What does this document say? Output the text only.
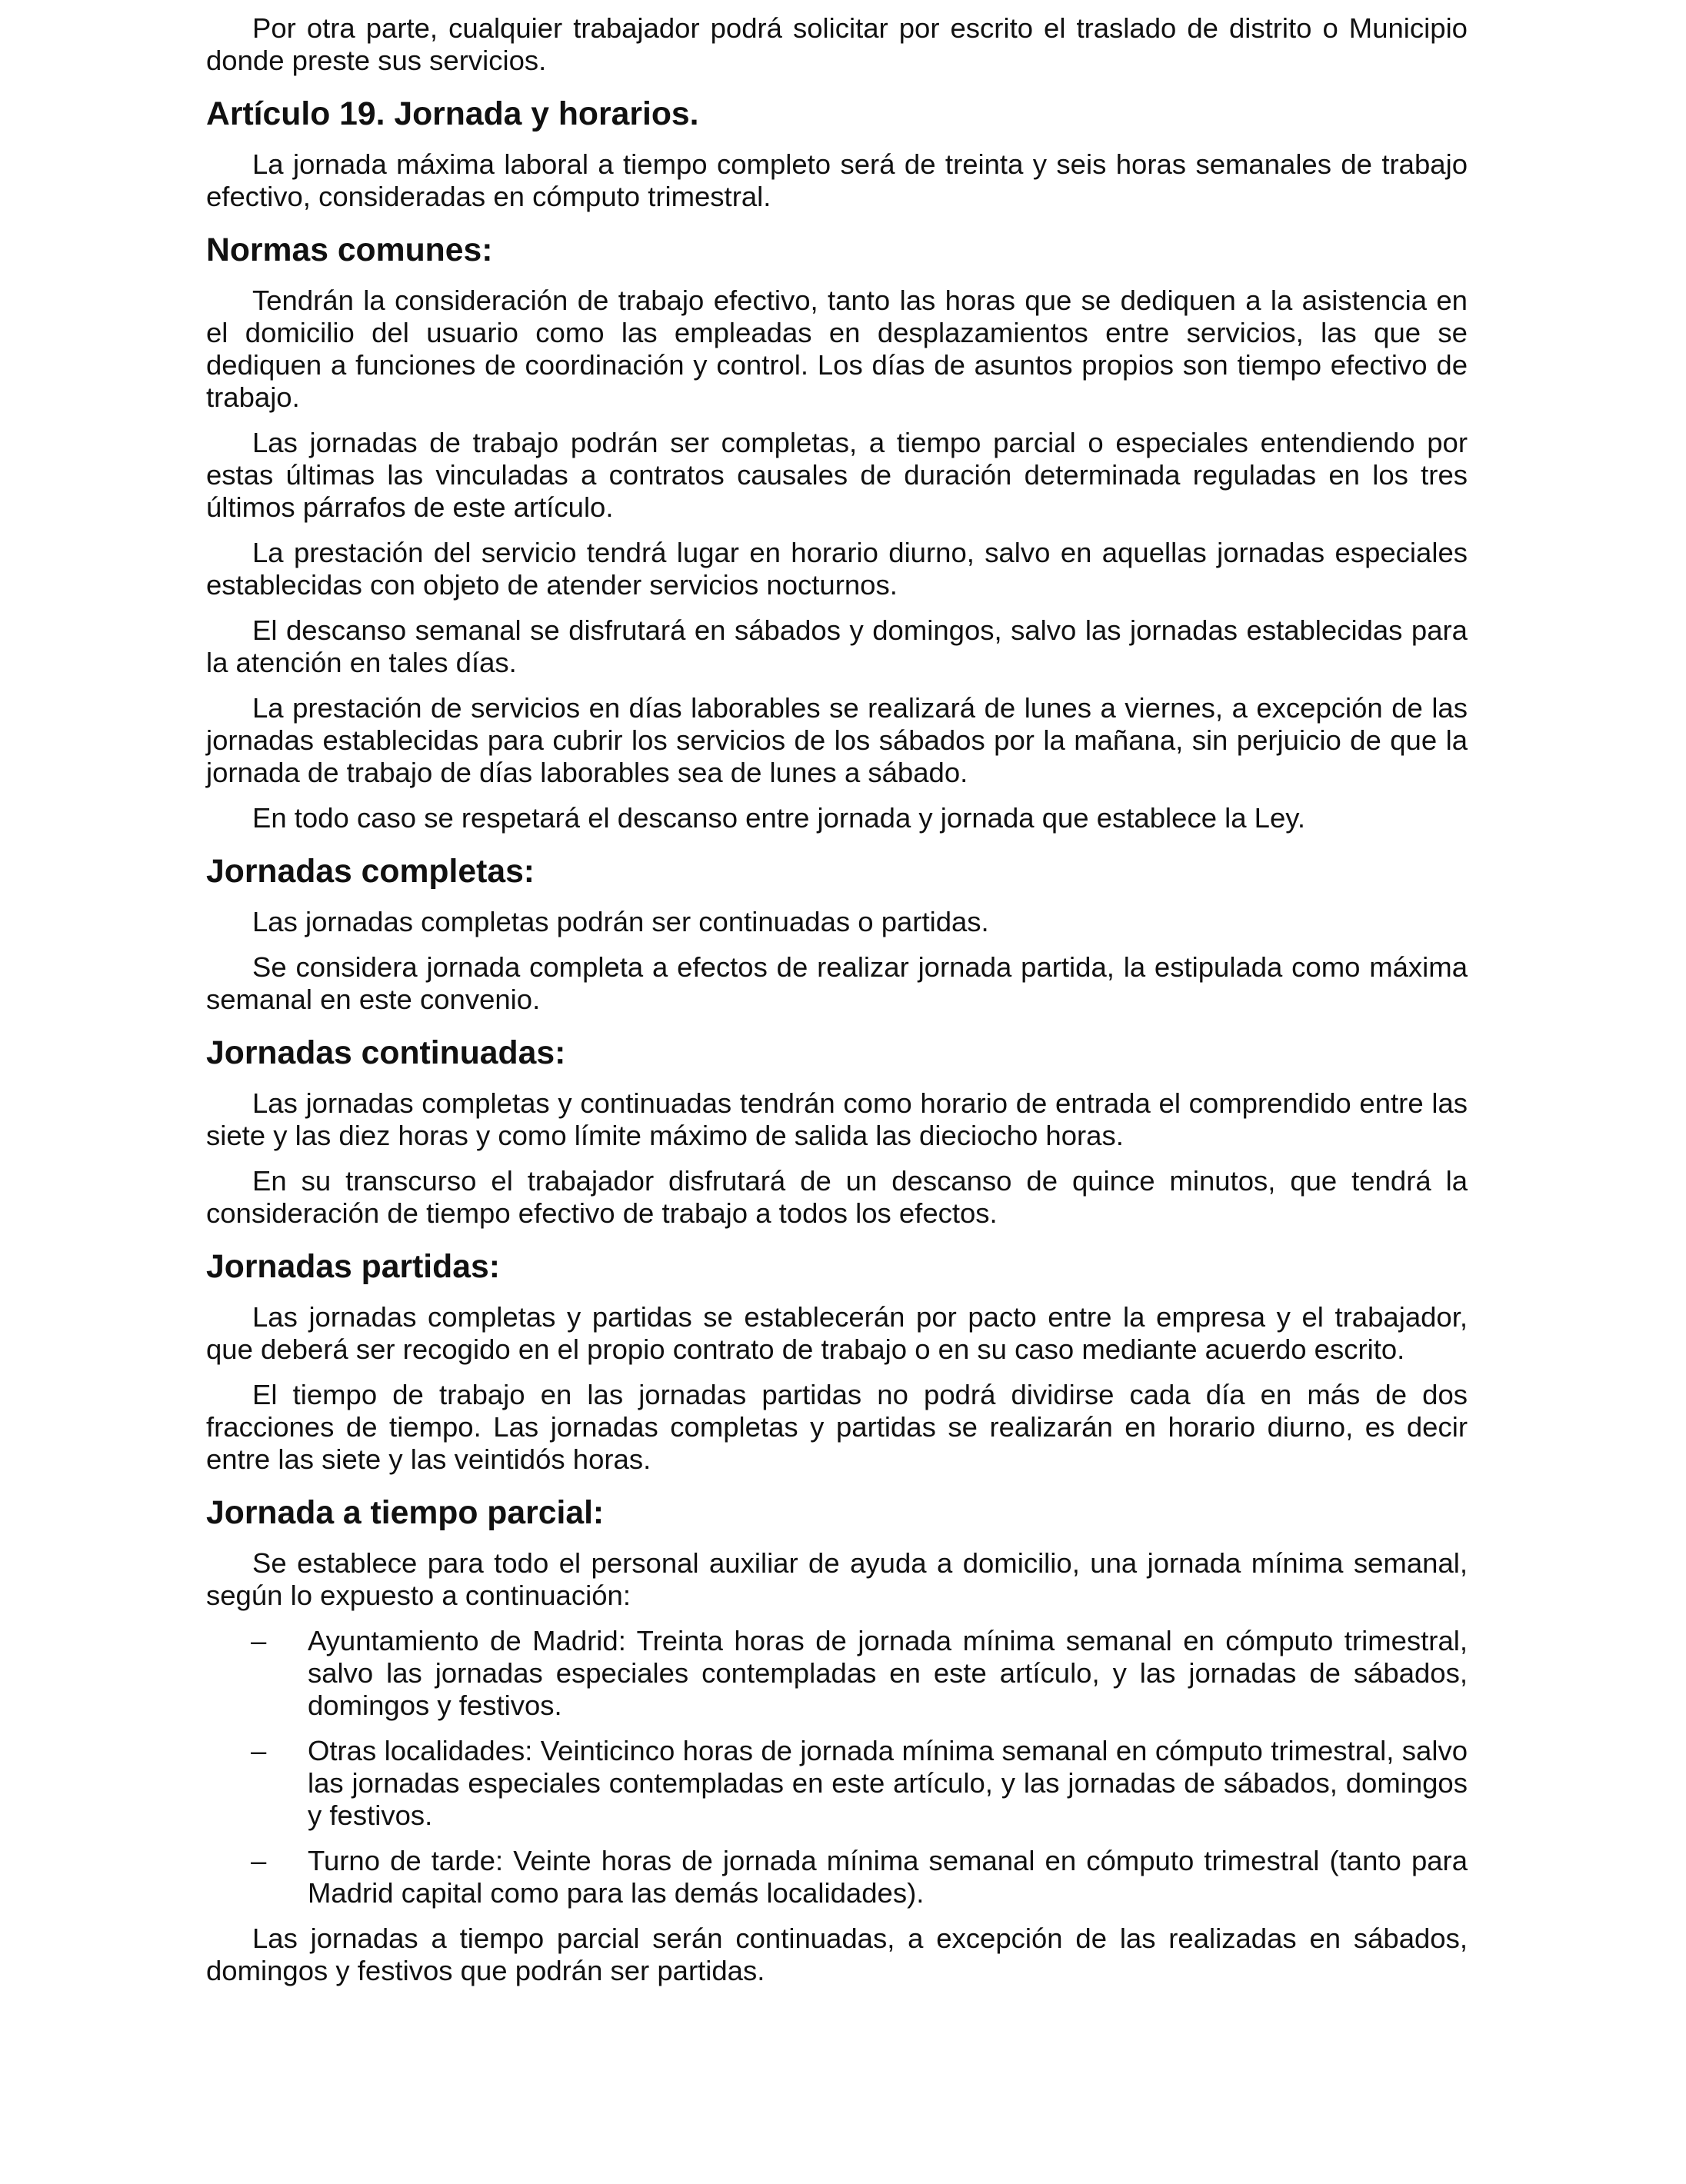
Por otra parte, cualquier trabajador podrá solicitar por escrito el traslado de distrito o Municipio donde preste sus servicios.

Artículo 19. Jornada y horarios.

La jornada máxima laboral a tiempo completo será de treinta y seis horas semanales de trabajo efectivo, consideradas en cómputo trimestral.

Normas comunes:

Tendrán la consideración de trabajo efectivo, tanto las horas que se dediquen a la asistencia en el domicilio del usuario como las empleadas en desplazamientos entre servicios, las que se dediquen a funciones de coordinación y control. Los días de asuntos propios son tiempo efectivo de trabajo.

Las jornadas de trabajo podrán ser completas, a tiempo parcial o especiales entendiendo por estas últimas las vinculadas a contratos causales de duración determinada reguladas en los tres últimos párrafos de este artículo.

La prestación del servicio tendrá lugar en horario diurno, salvo en aquellas jornadas especiales establecidas con objeto de atender servicios nocturnos.

El descanso semanal se disfrutará en sábados y domingos, salvo las jornadas establecidas para la atención en tales días.

La prestación de servicios en días laborables se realizará de lunes a viernes, a excepción de las jornadas establecidas para cubrir los servicios de los sábados por la mañana, sin perjuicio de que la jornada de trabajo de días laborables sea de lunes a sábado.

En todo caso se respetará el descanso entre jornada y jornada que establece la Ley.

Jornadas completas:

Las jornadas completas podrán ser continuadas o partidas.

Se considera jornada completa a efectos de realizar jornada partida, la estipulada como máxima semanal en este convenio.

Jornadas continuadas:

Las jornadas completas y continuadas tendrán como horario de entrada el comprendido entre las siete y las diez horas y como límite máximo de salida las dieciocho horas.

En su transcurso el trabajador disfrutará de un descanso de quince minutos, que tendrá la consideración de tiempo efectivo de trabajo a todos los efectos.

Jornadas partidas:

Las jornadas completas y partidas se establecerán por pacto entre la empresa y el trabajador, que deberá ser recogido en el propio contrato de trabajo o en su caso mediante acuerdo escrito.

El tiempo de trabajo en las jornadas partidas no podrá dividirse cada día en más de dos fracciones de tiempo. Las jornadas completas y partidas se realizarán en horario diurno, es decir entre las siete y las veintidós horas.

Jornada a tiempo parcial:

Se establece para todo el personal auxiliar de ayuda a domicilio, una jornada mínima semanal, según lo expuesto a continuación:

– Ayuntamiento de Madrid: Treinta horas de jornada mínima semanal en cómputo trimestral, salvo las jornadas especiales contempladas en este artículo, y las jornadas de sábados, domingos y festivos.
– Otras localidades: Veinticinco horas de jornada mínima semanal en cómputo trimestral, salvo las jornadas especiales contempladas en este artículo, y las jornadas de sábados, domingos y festivos.
– Turno de tarde: Veinte horas de jornada mínima semanal en cómputo trimestral (tanto para Madrid capital como para las demás localidades).

Las jornadas a tiempo parcial serán continuadas, a excepción de las realizadas en sábados, domingos y festivos que podrán ser partidas.
